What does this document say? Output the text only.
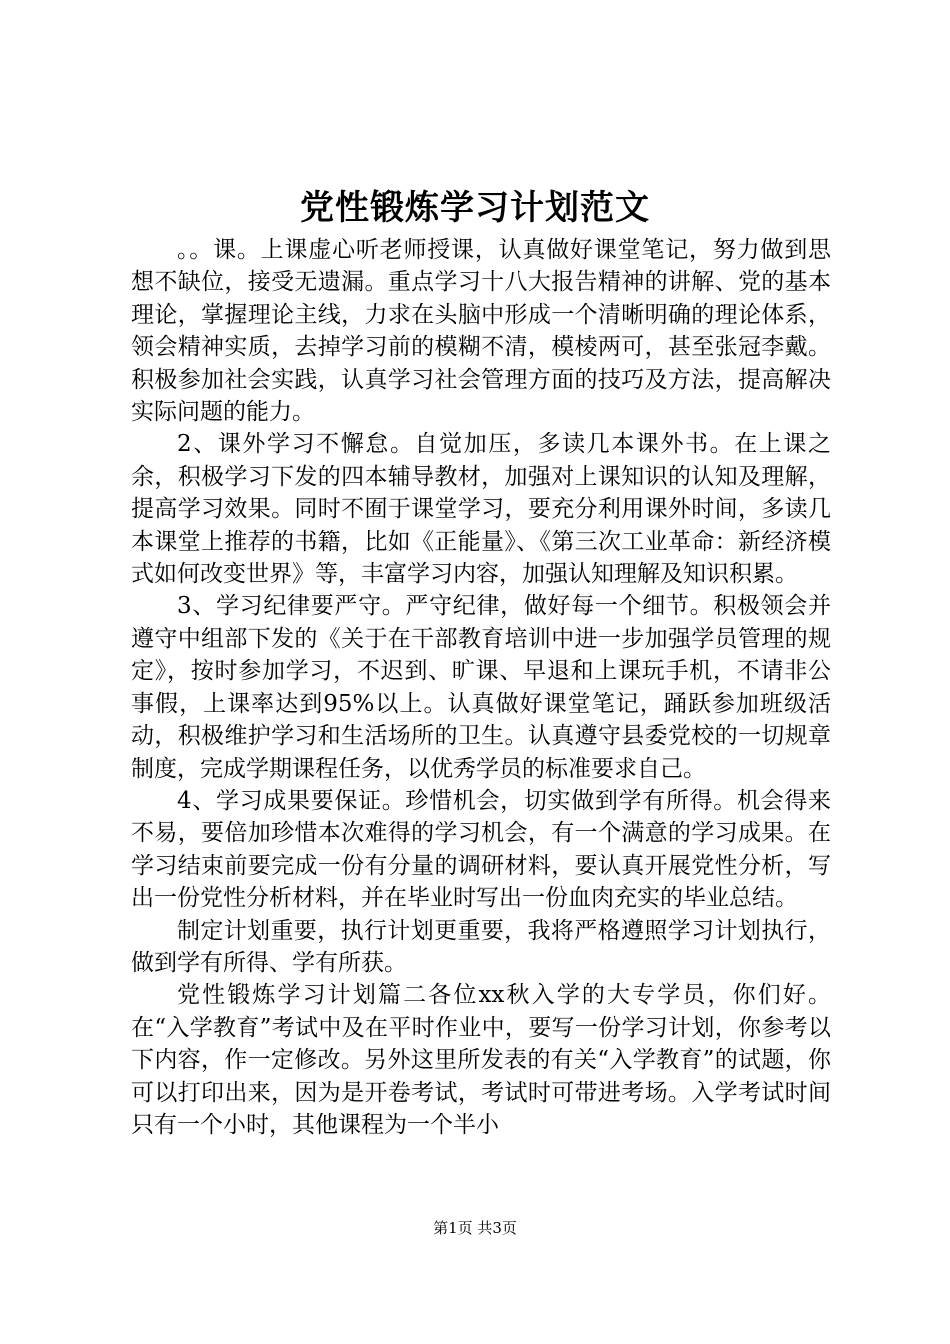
党性锻炼学习计划范文

。。课。上课虚心听老师授课，认真做好课堂笔记，努力做到思想不缺位，接受无遗漏。重点学习十八大报告精神的讲解、党的基本理论，掌握理论主线，力求在头脑中形成一个清晰明确的理论体系，领会精神实质，去掉学习前的模糊不清，模棱两可，甚至张冠李戴。积极参加社会实践，认真学习社会管理方面的技巧及方法，提高解决实际问题的能力。

2、课外学习不懈怠。自觉加压，多读几本课外书。在上课之余，积极学习下发的四本辅导教材，加强对上课知识的认知及理解，提高学习效果。同时不囿于课堂学习，要充分利用课外时间，多读几本课堂上推荐的书籍，比如《正能量》、《第三次工业革命：新经济模式如何改变世界》等，丰富学习内容，加强认知理解及知识积累。

3、学习纪律要严守。严守纪律，做好每一个细节。积极领会并遵守中组部下发的《关于在干部教育培训中进一步加强学员管理的规定》，按时参加学习，不迟到、旷课、早退和上课玩手机，不请非公事假，上课率达到95%以上。认真做好课堂笔记，踊跃参加班级活动，积极维护学习和生活场所的卫生。认真遵守县委党校的一切规章制度，完成学期课程任务，以优秀学员的标准要求自己。

4、学习成果要保证。珍惜机会，切实做到学有所得。机会得来不易，要倍加珍惜本次难得的学习机会，有一个满意的学习成果。在学习结束前要完成一份有分量的调研材料，要认真开展党性分析，写出一份党性分析材料，并在毕业时写出一份血肉充实的毕业总结。

制定计划重要，执行计划更重要，我将严格遵照学习计划执行，做到学有所得、学有所获。

党性锻炼学习计划篇二各位xx秋入学的大专学员，你们好。在“入学教育”考试中及在平时作业中，要写一份学习计划，你参考以下内容，作一定修改。另外这里所发表的有关“入学教育”的试题，你可以打印出来，因为是开卷考试，考试时可带进考场。入学考试时间只有一个小时，其他课程为一个半小

第1页 共3页
